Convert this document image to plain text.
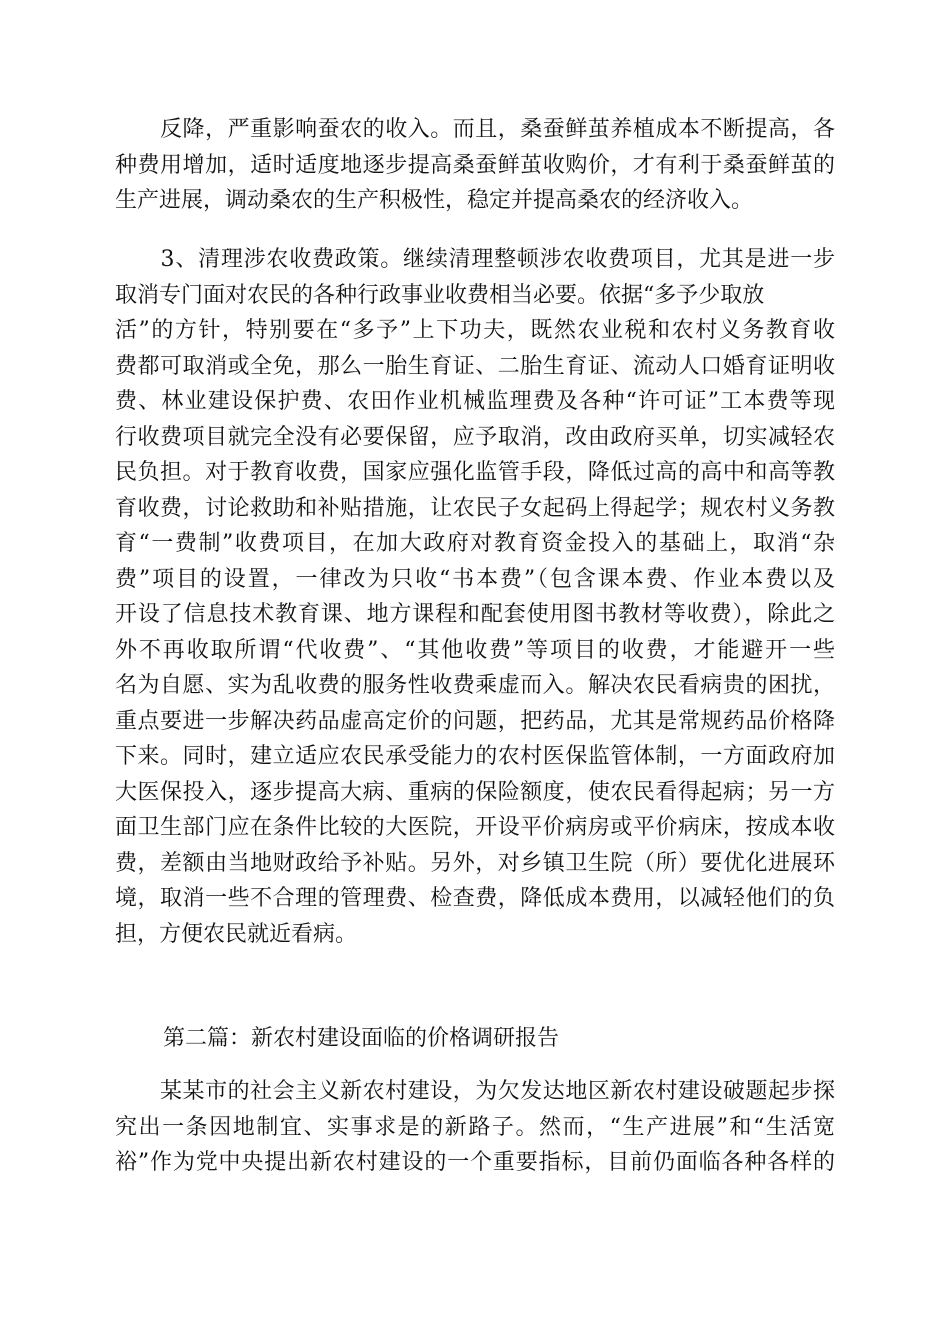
　　反降，严重影响蚕农的收入。而且，桑蚕鲜茧养植成本不断提高，各
种费用增加，适时适度地逐步提高桑蚕鲜茧收购价，才有利于桑蚕鲜茧的
生产进展，调动桑农的生产积极性，稳定并提高桑农的经济收入。
　　3、清理涉农收费政策。继续清理整顿涉农收费项目，尤其是进一步
取消专门面对农民的各种行政事业收费相当必要。依据“多予少取放
活”的方针，特别要在“多予”上下功夫，既然农业税和农村义务教育收
费都可取消或全免，那么一胎生育证、二胎生育证、流动人口婚育证明收
费、林业建设保护费、农田作业机械监理费及各种“许可证”工本费等现
行收费项目就完全没有必要保留，应予取消，改由政府买单，切实减轻农
民负担。对于教育收费，国家应强化监管手段，降低过高的高中和高等教
育收费，讨论救助和补贴措施，让农民子女起码上得起学；规农村义务教
育“一费制”收费项目，在加大政府对教育资金投入的基础上，取消“杂
费”项目的设置，一律改为只收“书本费”（包含课本费、作业本费以及
开设了信息技术教育课、地方课程和配套使用图书教材等收费），除此之
外不再收取所谓“代收费”、“其他收费”等项目的收费，才能避开一些
名为自愿、实为乱收费的服务性收费乘虚而入。解决农民看病贵的困扰，
重点要进一步解决药品虚高定价的问题，把药品，尤其是常规药品价格降
下来。同时，建立适应农民承受能力的农村医保监管体制，一方面政府加
大医保投入，逐步提高大病、重病的保险额度，使农民看得起病；另一方
面卫生部门应在条件比较的大医院，开设平价病房或平价病床，按成本收
费，差额由当地财政给予补贴。另外，对乡镇卫生院（所）要优化进展环
境，取消一些不合理的管理费、检查费，降低成本费用，以减轻他们的负
担，方便农民就近看病。

第二篇：新农村建设面临的价格调研报告

　　某某市的社会主义新农村建设，为欠发达地区新农村建设破题起步探
究出一条因地制宜、实事求是的新路子。然而，“生产进展”和“生活宽
裕”作为党中央提出新农村建设的一个重要指标，目前仍面临各种各样的
